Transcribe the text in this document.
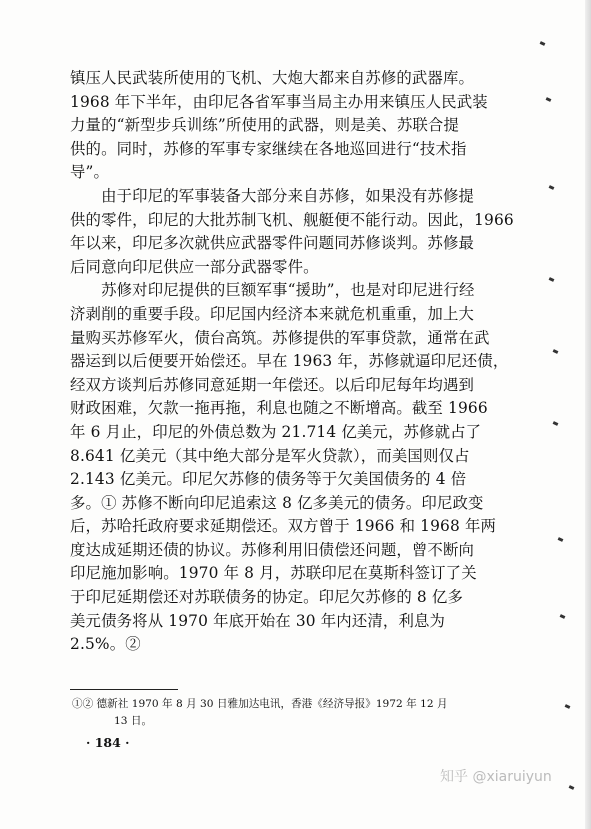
镇压人民武装所使用的飞机、大炮大都来自苏修的武器库。
1968 年下半年，由印尼各省军事当局主办用来镇压人民武装
力量的“新型步兵训练”所使用的武器，则是美、苏联合提
供的。同时，苏修的军事专家继续在各地巡回进行“技术指
导”。
　　由于印尼的军事装备大部分来自苏修，如果没有苏修提
供的零件，印尼的大批苏制飞机、舰艇便不能行动。因此，1966
年以来，印尼多次就供应武器零件问题同苏修谈判。苏修最
后同意向印尼供应一部分武器零件。
　　苏修对印尼提供的巨额军事“援助”，也是对印尼进行经
济剥削的重要手段。印尼国内经济本来就危机重重，加上大
量购买苏修军火，债台高筑。苏修提供的军事贷款，通常在武
器运到以后便要开始偿还。早在 1963 年，苏修就逼印尼还债，
经双方谈判后苏修同意延期一年偿还。以后印尼每年均遇到
财政困难，欠款一拖再拖，利息也随之不断增高。截至 1966
年 6 月止，印尼的外债总数为 21.714 亿美元，苏修就占了
8.641 亿美元（其中绝大部分是军火贷款），而美国则仅占
2.143 亿美元。印尼欠苏修的债务等于欠美国债务的 4 倍
多。① 苏修不断向印尼追索这 8 亿多美元的债务。印尼政变
后，苏哈托政府要求延期偿还。双方曾于 1966 和 1968 年两
度达成延期还债的协议。苏修利用旧债偿还问题，曾不断向
印尼施加影响。1970 年 8 月，苏联印尼在莫斯科签订了关
于印尼延期偿还对苏联债务的协定。印尼欠苏修的 8 亿多
美元债务将从 1970 年底开始在 30 年内还清，利息为
2.5%。②
①② 德新社 1970 年 8 月 30 日雅加达电讯，香港《经济导报》1972 年 12 月
13 日。
· 184 ·
知乎 @xiaruiyun
